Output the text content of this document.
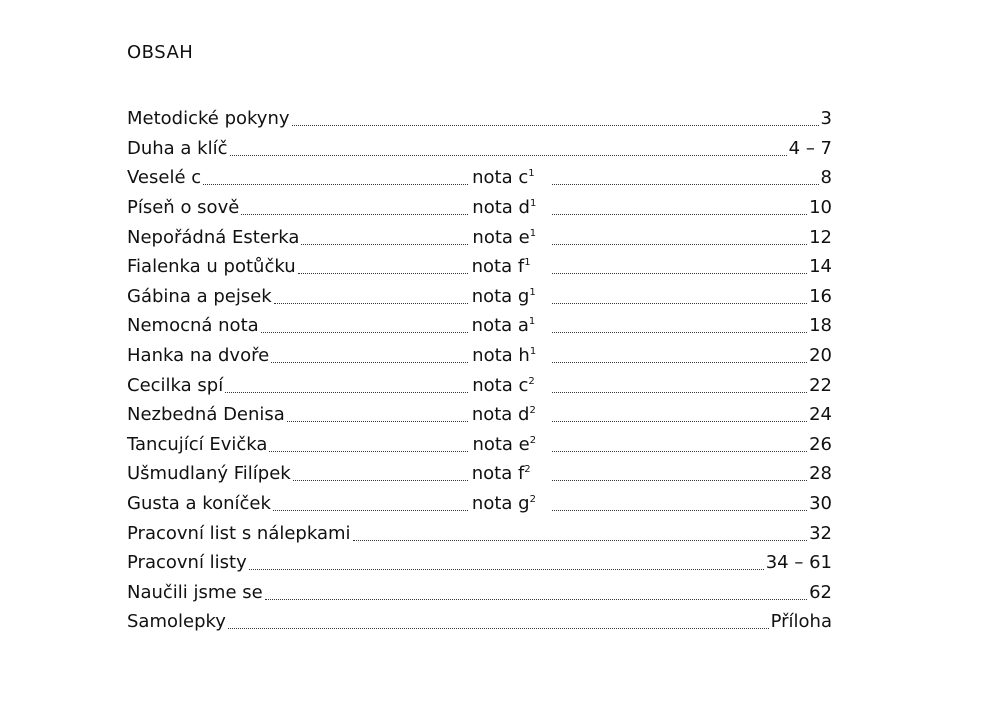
OBSAH
Metodické pokyny	3
Duha a klíč	4 – 7
Veselé c	nota $c^1$	8
Píseň o sově	nota $d^1$	10
Nepořádná Esterka	nota $e^1$	12
Fialenka u potůčku	nota $f^1$	14
Gábina a pejsek	nota $g^1$	16
Nemocná nota	nota $a^1$	18
Hanka na dvoře	nota $h^1$	20
Cecilka spí	nota $c^2$	22
Nezbedná Denisa	nota $d^2$	24
Tancující Evička	nota $e^2$	26
Ušmudlaný Filípek	nota $f^2$	28
Gusta a koníček	nota $g^2$	30
Pracovní list s nálepkami	32
Pracovní listy	34 – 61
Naučili jsme se	62
Samolepky	Příloha
